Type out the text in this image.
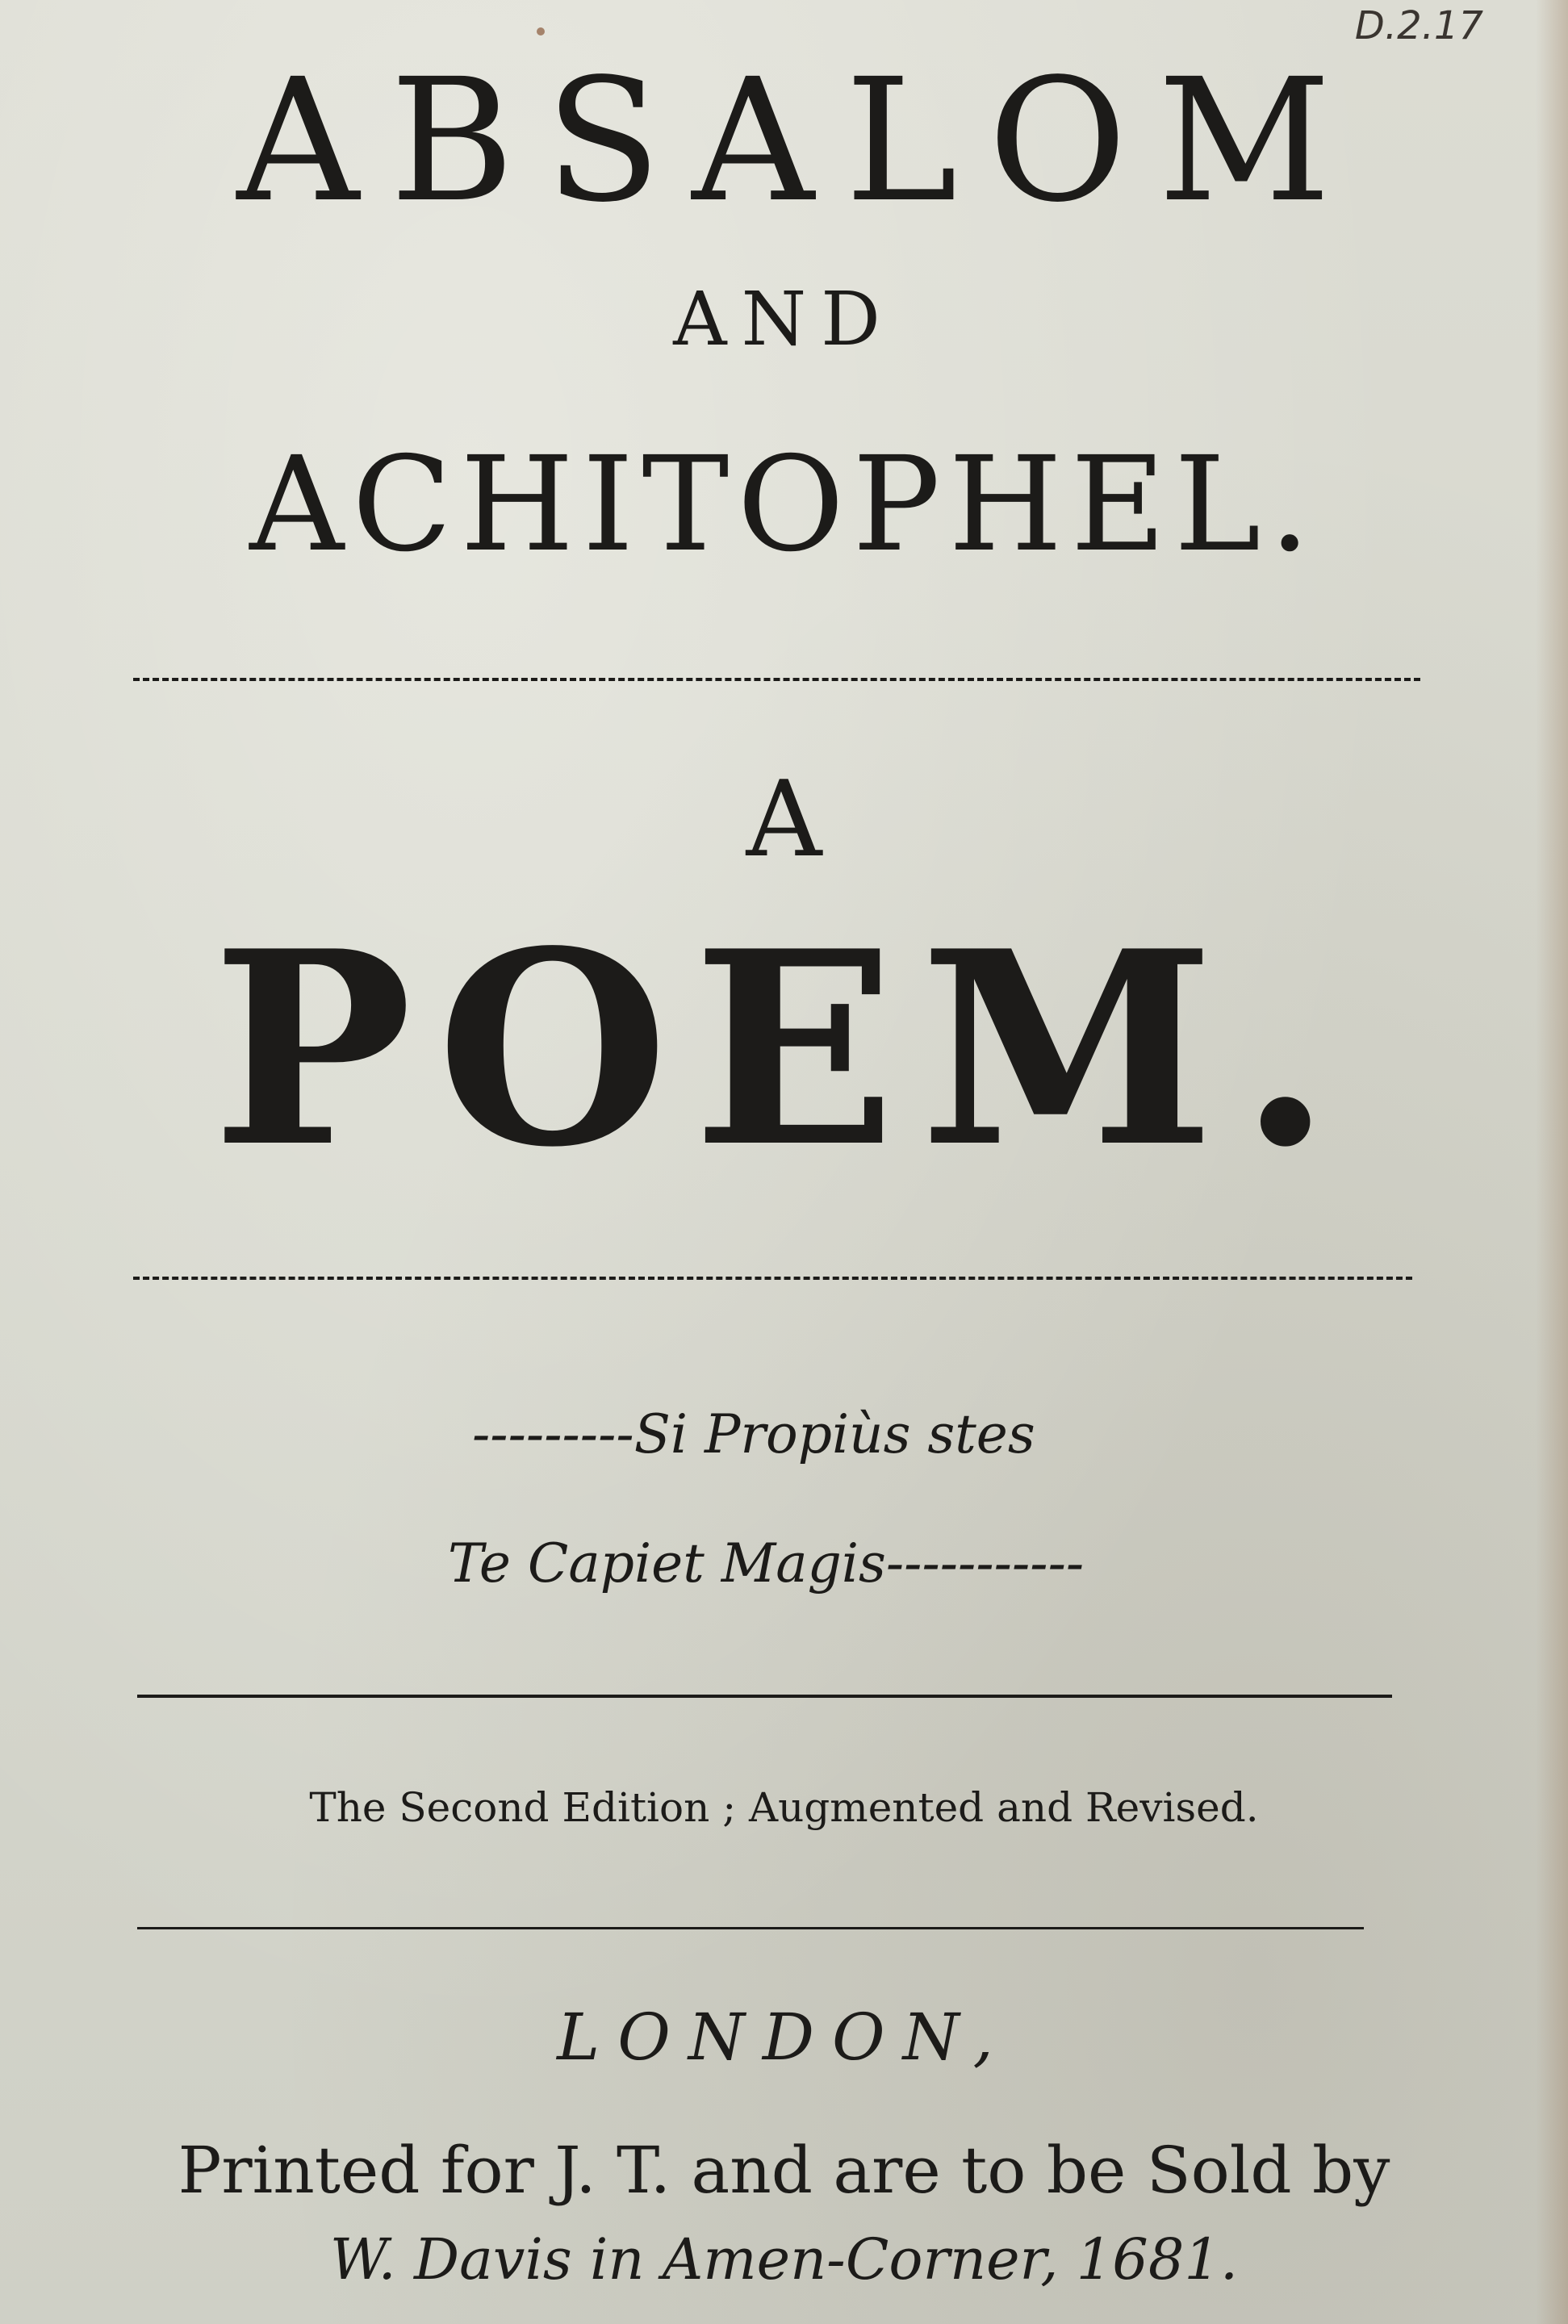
D.2.17
ABSALOM
AND
ACHITOPHEL.
A
POEM.
---------Si Propiùs stes
Te Capiet Magis-----------
The Second Edition ; Augmented and Revised.
LONDON,
Printed for J. T. and are to be Sold by
W. Davis in Amen-Corner, 1681.
